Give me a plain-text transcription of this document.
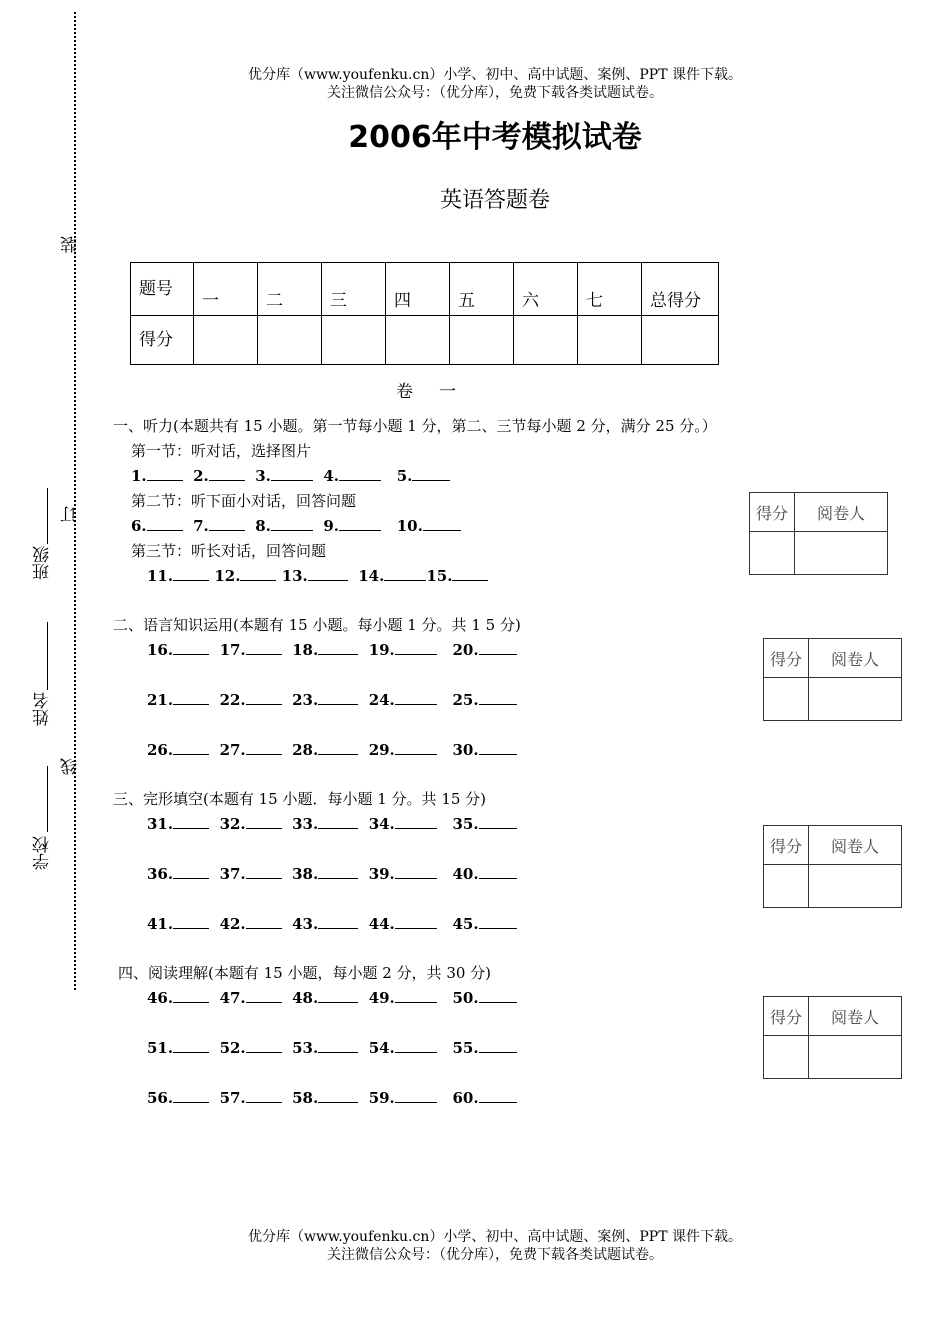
优分库（www.youfenku.cn）小学、初中、高中试题、案例、PPT 课件下载。
关注微信公众号：（优分库），免费下载各类试题试卷。
2006年中考模拟试卷
英语答题卷
装
订
线
班级
姓名
学校
题号	一	二	三	四	五	六	七	总得分
得分								
卷一
一、听力(本题共有 15 小题。第一节每小题 1 分，第二、三节每小题 2 分，满分 25 分。）
第一节：听对话，选择图片
1.	2.	3.	4.	5.
第二节：听下面小对话，回答问题
6.	7.	8.	9.	10.
第三节：听长对话，回答问题
11.	12.	13.	14.	15.
得分	阅卷人

二、语言知识运用(本题有 15 小题。每小题 1 分。共 1 5 分)
16.	17.	18.	19.	20.
21.	22.	23.	24.	25.
26.	27.	28.	29.	30.
得分	阅卷人

三、完形填空(本题有 15 小题．每小题 1 分。共 15 分)
31.	32.	33.	34.	35.
36.	37.	38.	39.	40.
41.	42.	43.	44.	45.
得分	阅卷人

四、阅读理解(本题有 15 小题，每小题 2 分，共 30 分)
46.	47.	48.	49.	50.
51.	52.	53.	54.	55.
56.	57.	58.	59.	60.
得分	阅卷人

优分库（www.youfenku.cn）小学、初中、高中试题、案例、PPT 课件下载。
关注微信公众号：（优分库），免费下载各类试题试卷。
